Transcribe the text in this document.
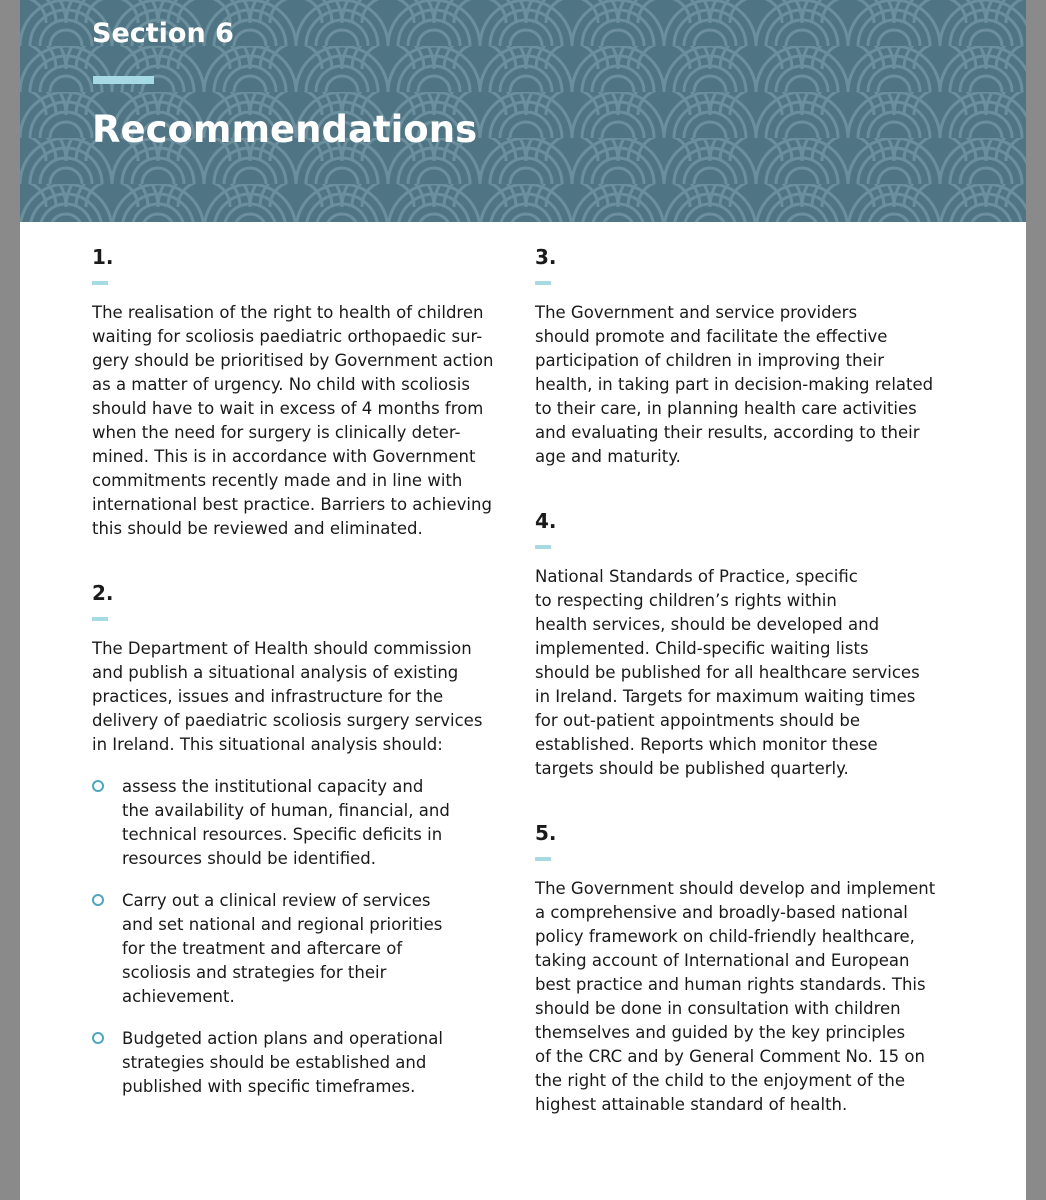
Section 6
Recommendations
1.

The realisation of the right to health of children
waiting for scoliosis paediatric orthopaedic sur-
gery should be prioritised by Government action
as a matter of urgency. No child with scoliosis
should have to wait in excess of 4 months from
when the need for surgery is clinically deter-
mined. This is in accordance with Government
commitments recently made and in line with
international best practice. Barriers to achieving
this should be reviewed and eliminated.

2.

The Department of Health should commission
and publish a situational analysis of existing
practices, issues and infrastructure for the
delivery of paediatric scoliosis surgery services
in Ireland. This situational analysis should:

assess the institutional capacity and
the availability of human, financial, and
technical resources. Specific deficits in
resources should be identified.
Carry out a clinical review of services
and set national and regional priorities
for the treatment and aftercare of
scoliosis and strategies for their
achievement.
Budgeted action plans and operational
strategies should be established and
published with specific timeframes.
3.

The Government and service providers
should promote and facilitate the effective
participation of children in improving their
health, in taking part in decision-making related
to their care, in planning health care activities
and evaluating their results, according to their
age and maturity.

4.

National Standards of Practice, specific
to respecting children’s rights within
health services, should be developed and
implemented. Child-specific waiting lists
should be published for all healthcare services
in Ireland. Targets for maximum waiting times
for out-patient appointments should be
established. Reports which monitor these
targets should be published quarterly.

5.

The Government should develop and implement
a comprehensive and broadly-based national
policy framework on child-friendly healthcare,
taking account of International and European
best practice and human rights standards. This
should be done in consultation with children
themselves and guided by the key principles
of the CRC and by General Comment No. 15 on
the right of the child to the enjoyment of the
highest attainable standard of health.
